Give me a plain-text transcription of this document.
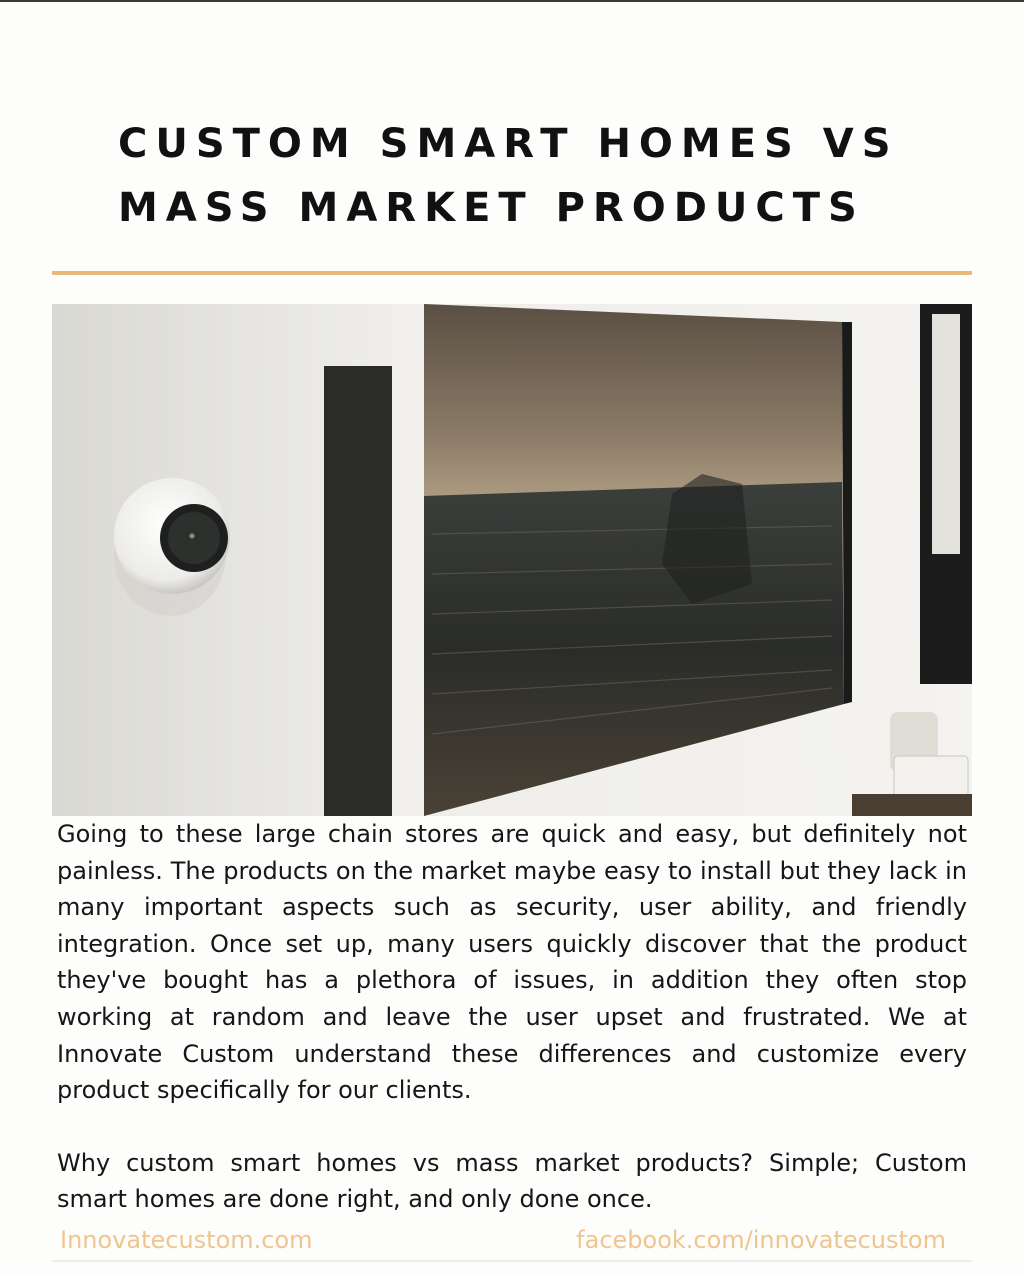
CUSTOM SMART HOMES VS
MASS MARKET PRODUCTS

Going to these large chain stores are quick and easy, but definitely not painless. The products on the market maybe easy to install but they lack in many important aspects such as security, user ability, and friendly integration. Once set up, many users quickly discover that the product they've bought has a plethora of issues, in addition they often stop working at random and leave the user upset and frustrated. We at Innovate Custom understand these differences and customize every product specifically for our clients.

Why custom smart homes vs mass market products? Simple; Custom smart homes are done right, and only done once.

Innovatecustom.com	facebook.com/innovatecustom
